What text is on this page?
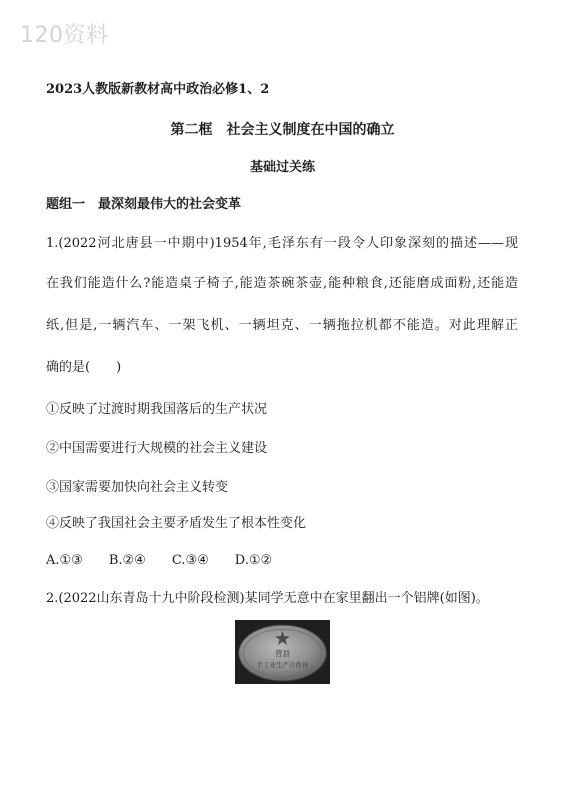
120资料
2023人教版新教材高中政治必修1、2
第二框　社会主义制度在中国的确立
基础过关练
题组一　最深刻最伟大的社会变革
1.(2022河北唐县一中期中)1954年,毛泽东有一段令人印象深刻的描述——现
在我们能造什么?能造桌子椅子,能造茶碗茶壶,能种粮食,还能磨成面粉,还能造
纸,但是,一辆汽车、一架飞机、一辆坦克、一辆拖拉机都不能造。对此理解正
确的是(　　)
①反映了过渡时期我国落后的生产状况
②中国需要进行大规模的社会主义建设
③国家需要加快向社会主义转变
④反映了我国社会主要矛盾发生了根本性变化
A.①③　　B.②④　　C.③④　　D.①②
2.(2022山东青岛十九中阶段检测)某同学无意中在家里翻出一个铝牌(如图)。
营县
手工业生产合作社
